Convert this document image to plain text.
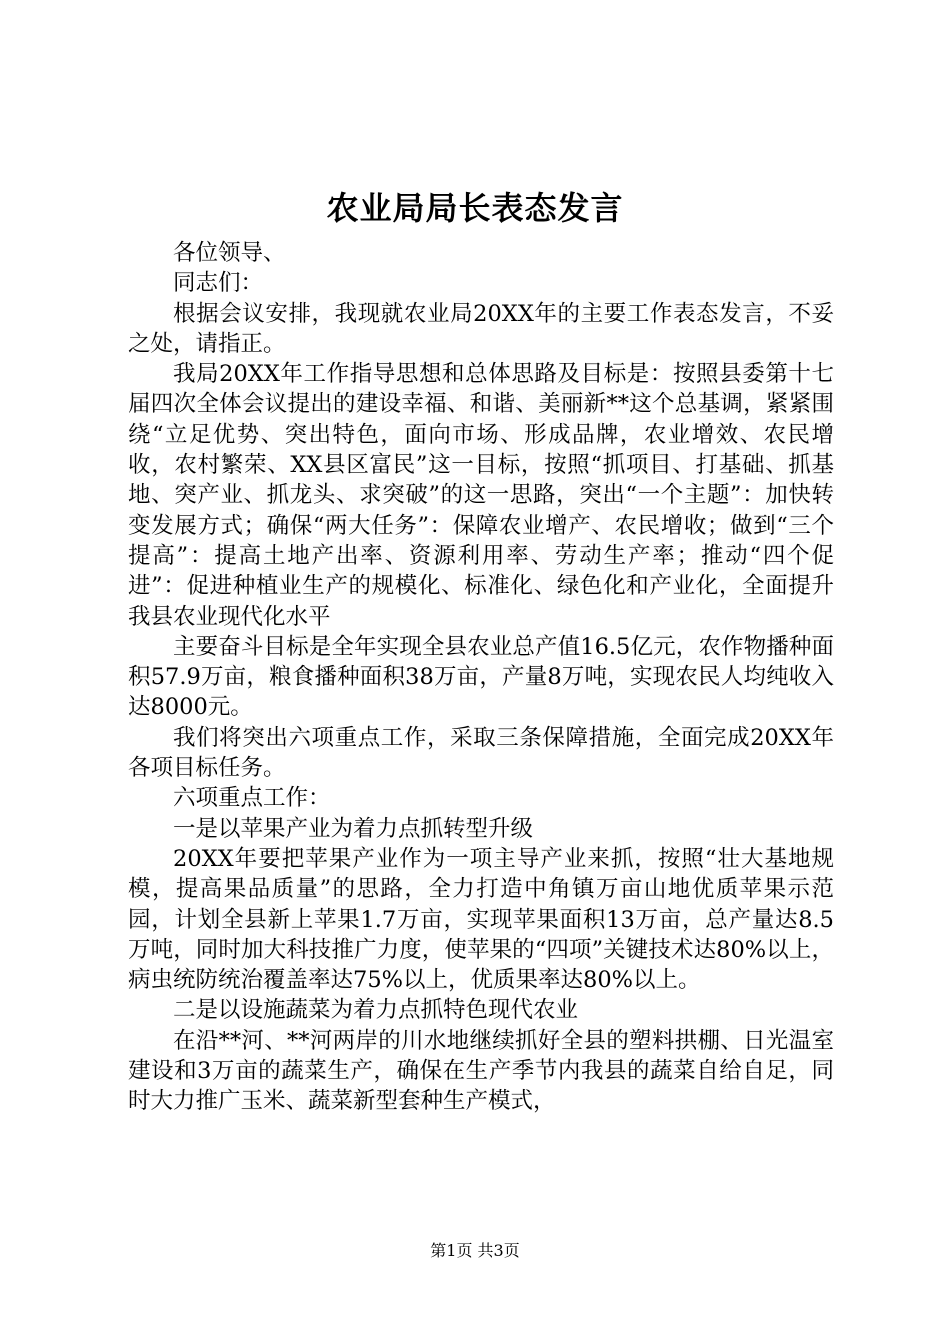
农业局局长表态发言

各位领导、

同志们：

根据会议安排，我现就农业局20XX年的主要工作表态发言，不妥之处，请指正。

我局20XX年工作指导思想和总体思路及目标是：按照县委第十七届四次全体会议提出的建设幸福、和谐、美丽新**这个总基调，紧紧围绕“立足优势、突出特色，面向市场、形成品牌，农业增效、农民增收，农村繁荣、XX县区富民”这一目标，按照“抓项目、打基础、抓基地、突产业、抓龙头、求突破”的这一思路，突出“一个主题”：加快转变发展方式；确保“两大任务”：保障农业增产、农民增收；做到“三个提高”：提高土地产出率、资源利用率、劳动生产率；推动“四个促进”：促进种植业生产的规模化、标准化、绿色化和产业化，全面提升我县农业现代化水平

主要奋斗目标是全年实现全县农业总产值16.5亿元，农作物播种面积57.9万亩，粮食播种面积38万亩，产量8万吨，实现农民人均纯收入达8000元。

我们将突出六项重点工作，采取三条保障措施，全面完成20XX年各项目标任务。

六项重点工作：

一是以苹果产业为着力点抓转型升级

20XX年要把苹果产业作为一项主导产业来抓，按照“壮大基地规模，提高果品质量”的思路，全力打造中角镇万亩山地优质苹果示范园，计划全县新上苹果1.7万亩，实现苹果面积13万亩，总产量达8.5万吨，同时加大科技推广力度，使苹果的“四项”关键技术达80%以上，病虫统防统治覆盖率达75%以上，优质果率达80%以上。

二是以设施蔬菜为着力点抓特色现代农业

在沿**河、**河两岸的川水地继续抓好全县的塑料拱棚、日光温室建设和3万亩的蔬菜生产，确保在生产季节内我县的蔬菜自给自足，同时大力推广玉米、蔬菜新型套种生产模式，

第1页 共3页
